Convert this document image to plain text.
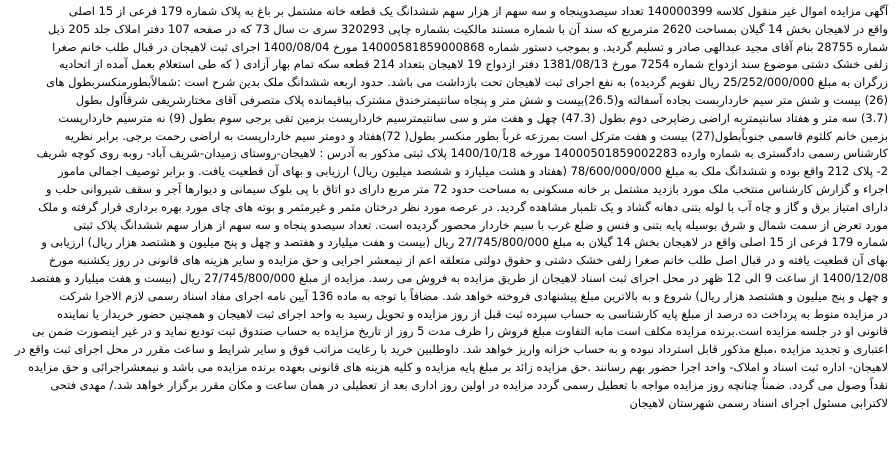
آگهی مزایده اموال غیر منقول کلاسه 140000399 تعداد سیصدوپنجاه و سه سهم از هزار سهم ششدانگ یک قطعه خانه مشتمل بر باغ به پلاک شماره 179 فرعی از 15 اصلی
واقع در لاهیجان بخش 14 گیلان بمساحت 2620 مترمربع که سند آن با شماره مستند مالکیت بشماره چاپی 320293 سری ت سال 73 که در صفحه 107 دفتر املاک جلد 205 ذیل
شماره 28755 بنام آقای مجید عبدالهی صادر و تسلیم گردید. و بموجب دستور شماره 14000581859000868 مورخ 1400/08/04 اجرای ثبت لاهیجان در قبال طلب خانم صغرا
زلفی خشک دشتی موضوع سند ازدواج شماره 7254 مورخ 1381/08/13 دفتر ازدواج 19 لاهیجان بتعداد 214 قطعه سکه تمام بهار آزادی ( که طی استعلام بعمل آمده از اتحادیه
زرگران به مبلغ 25/252/000/000 ریال تقویم گردیده) به نفع اجرای ثبت لاهیجان تحت بازداشت می باشد. حدود اربعه ششدانگ ملک بدین شرح است :شمالاًبطورمنکسربطول های
(26) بیست و شش متر سیم خارداربست بجاده آسفالته و(26.5)بیست و شش متر و پنجاه سانتیمترخندق مشترک بباقیمانده پلاک متصرفی آقای مختارشریفی شرقاًاول بطول
(3.7) سه متر و هفتاد سانتیمتربه اراضی رضاپرحی دوم بطول (47.3) چهل و هفت متر و سی سانتیمترسیم خاردارپست بزمین تقی برجی سوم بطول (9) نه مترسیم خاردارپست
بزمین خانم کلثوم قاسمی جنوباًبطول(27) بیست و هفت مترکل است بمرزعه غرباً بطور منکسر بطول( 72)هفتاد و دومتر سیم خاردارپست به اراضی رحمت برجی. برابر نظریه
کارشناس رسمی دادگستری به شماره وارده 14000501859002283 مورخه 1400/10/18 پلاک ثبتی مذکور به آدرس : لاهیجان-روستای زمیدان-شریف آباد- روبه روی کوچه شریف
2- پلاک 212 واقع بوده و ششدانگ ملک به مبلغ 78/600/000/000 (هفتاد و هشت میلیارد و ششصد میلیون ریال) ارزیابی و بهای آن قطعیت یافت. و برابر توصیف اجمالی مامور
اجراء و گزارش کارشناس منتخب ملک مورد بازدید مشتمل بر خانه مسکونی به مساحت حدود 72 متر مربع دارای دو اتاق با پی بلوک سیمانی و دیوارها آجر و سقف شیروانی حلب و
دارای امتیاز برق و گاز و چاه آب با لوله بتنی دهانه گشاد و یک تلمبار مشاهده گردید. در عرصه مورد نظر درختان مثمر و غیرمثمر و بوته های چای مورد بهره برداری قرار گرفته و ملک
مورد تعرض از سمت شمال و شرق بوسیله پایه بتنی و فنس و ضلع غرب با سیم خاردار محصور گردیده است. تعداد سیصدو پنجاه و سه سهم از هزار سهم ششدانگ پلاک ثبتی
شماره 179 فرعی از 15 اصلی واقع در لاهیجان بخش 14 گیلان به مبلغ 27/745/800/000 ریال (بیست و هفت میلیارد و هفتصد و چهل و پنج میلیون و هشتصد هزار ریال) ارزیابی و
بهای آن قطعیت یافته و در قبال اصل طلب خانم صغرا زلفی خشک دشتی و حقوق دولتی متعلقه اعم از نیمعشر اجرایی و حق مزایده و سایر هزینه های قانونی در روز یکشنبه مورخ
1400/12/08 از ساعت 9 الی 12 ظهر در محل اجرای ثبت اسناد لاهیجان از طریق مزایده به فروش می رسد. مزایده از مبلغ 27/745/800/000 ریال (بیست و هفت میلیارد و هفتصد
و چهل و پنج میلیون و هشتصد هزار ریال) شروع و به بالاترین مبلغ پیشنهادی فروخته خواهد شد. مضافاً با توجه به ماده 136 آیین نامه اجرای مفاد اسناد رسمی لازم الاجرا شرکت
در مزایده منوط به پرداخت ده درصد از مبلغ پایه کارشناسی به حساب سپرده ثبت قبل از روز مزایده و تحویل رسید به واحد اجرای ثبت لاهیجان و همچنین حضور خریدار یا نماینده
قانونی او در جلسه مزایده است.برنده مزایده مکلف است مابه التفاوت مبلغ فروش را ظرف مدت 5 روز از تاریخ مزایده به حساب صندوق ثبت تودیع نماید و در غیر اینصورت ضمن بی
اعتباری و تجدید مزایده ،مبلغ مذکور قابل استرداد نبوده و به حساب خزانه واریز خواهد شد. داوطلبین خرید با رعایت مراتب فوق و سایر شرایط و ساعت مقرر در محل اجرای ثبت واقع در
لاهیجان- اداره ثبت اسناد و املاک- واحد اجرا حضور بهم رسانند .حق مزایده زائد بر مبلغ پایه مزایده و کلیه هزینه های قانونی بعهده برنده مزایده می باشد و نیمعشراجرائی و حق مزایده
نقداً وصول می گردد. ضمناً چنانچه روز مزایده مواجه با تعطیل رسمی گردد مزایده در اولین روز اداری بعد از تعطیلی در همان ساعت و مکان مقرر برگزار خواهد شد./ مهدی فتحی
لاکترابی مسئول اجرای اسناد رسمی شهرستان لاهیجان
